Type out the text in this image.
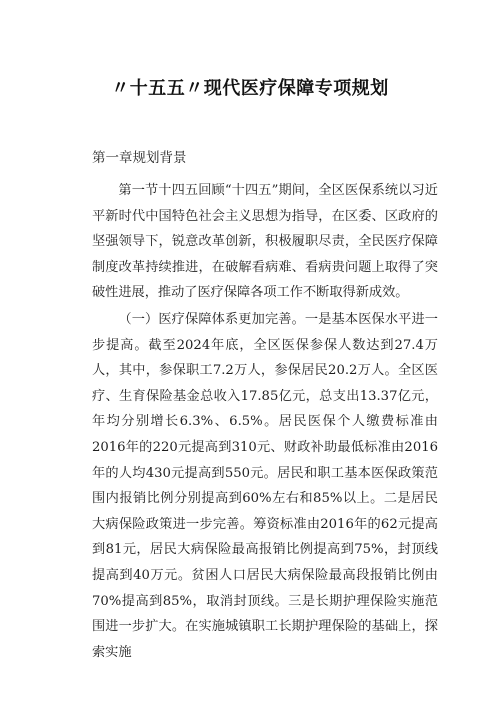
〃十五五〃现代医疗保障专项规划

第一章规划背景

第一节十四五回顾“十四五”期间，全区医保系统以习近平新时代中国特色社会主义思想为指导，在区委、区政府的坚强领导下，锐意改革创新，积极履职尽责，全民医疗保障制度改革持续推进，在破解看病难、看病贵问题上取得了突破性进展，推动了医疗保障各项工作不断取得新成效。

（一）医疗保障体系更加完善。一是基本医保水平进一步提高。截至2024年底，全区医保参保人数达到27.4万人，其中，参保职工7.2万人，参保居民20.2万人。全区医疗、生育保险基金总收入17.85亿元，总支出13.37亿元，年均分别增长6.3%、6.5%。居民医保个人缴费标准由2016年的220元提高到310元、财政补助最低标准由2016年的人均430元提高到550元。居民和职工基本医保政策范围内报销比例分别提高到60%左右和85%以上。二是居民大病保险政策进一步完善。筹资标准由2016年的62元提高到81元，居民大病保险最高报销比例提高到75%，封顶线提高到40万元。贫困人口居民大病保险最高段报销比例由70%提高到85%，取消封顶线。三是长期护理保险实施范围进一步扩大。在实施城镇职工长期护理保险的基础上，探索实施
